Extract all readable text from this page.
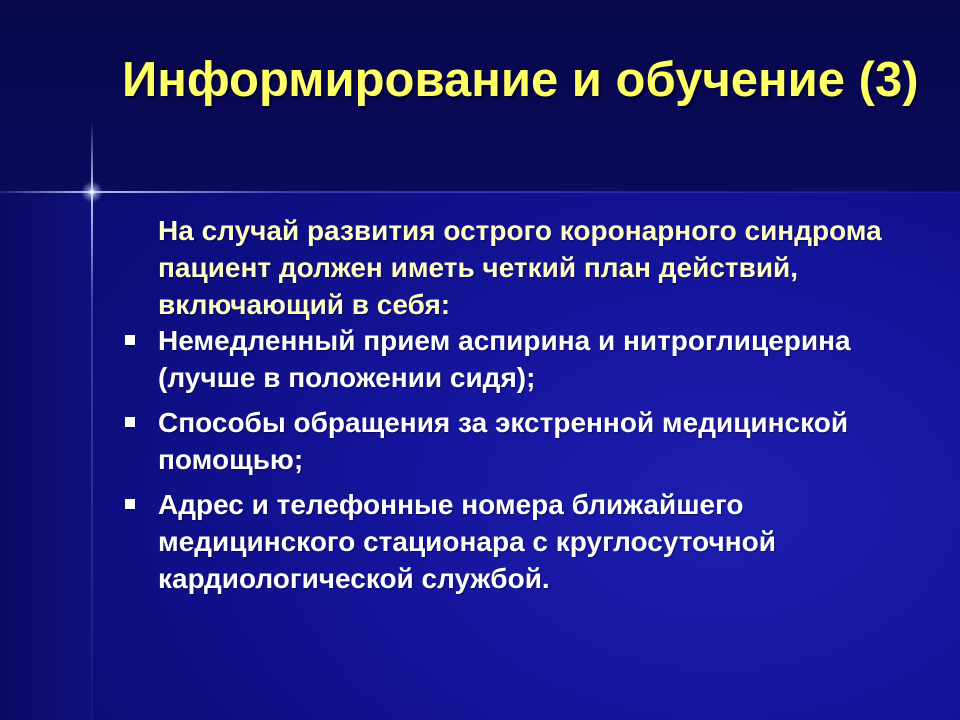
Информирование и обучение (3)

На случай развития острого коронарного синдрома пациент должен иметь четкий план действий, включающий в себя:

Немедленный прием аспирина и нитроглицерина (лучше в положении сидя);
Способы обращения за экстренной медицинской помощью;
Адрес и телефонные номера ближайшего медицинского стационара с круглосуточной кардиологической службой.
